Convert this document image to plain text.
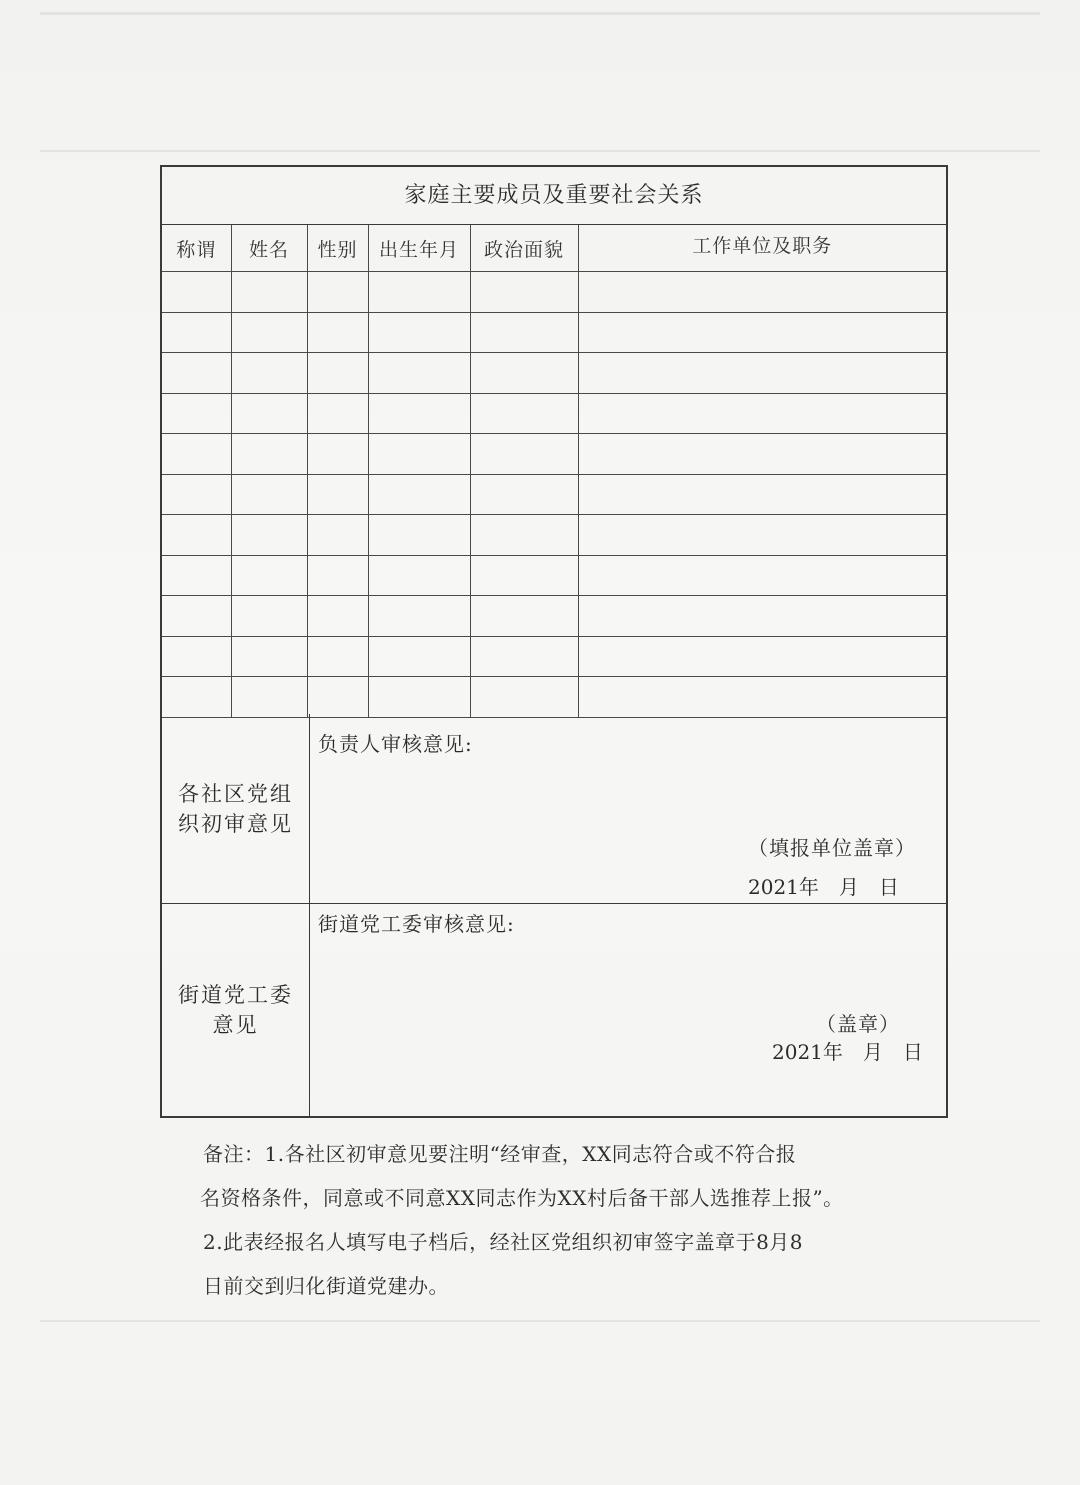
家庭主要成员及重要社会关系
称谓	姓名	性别	出生年月	政治面貌	工作单位及职务

各社区党组织初审意见
负责人审核意见:
（填报单位盖章）
2021年　月　日
街道党工委意见
街道党工委审核意见:
（盖章）
2021年　月　日

备注：1.各社区初审意见要注明“经审查，XX同志符合或不符合报

名资格条件，同意或不同意XX同志作为XX村后备干部人选推荐上报”。

2.此表经报名人填写电子档后，经社区党组织初审签字盖章于8月8

日前交到归化街道党建办。
